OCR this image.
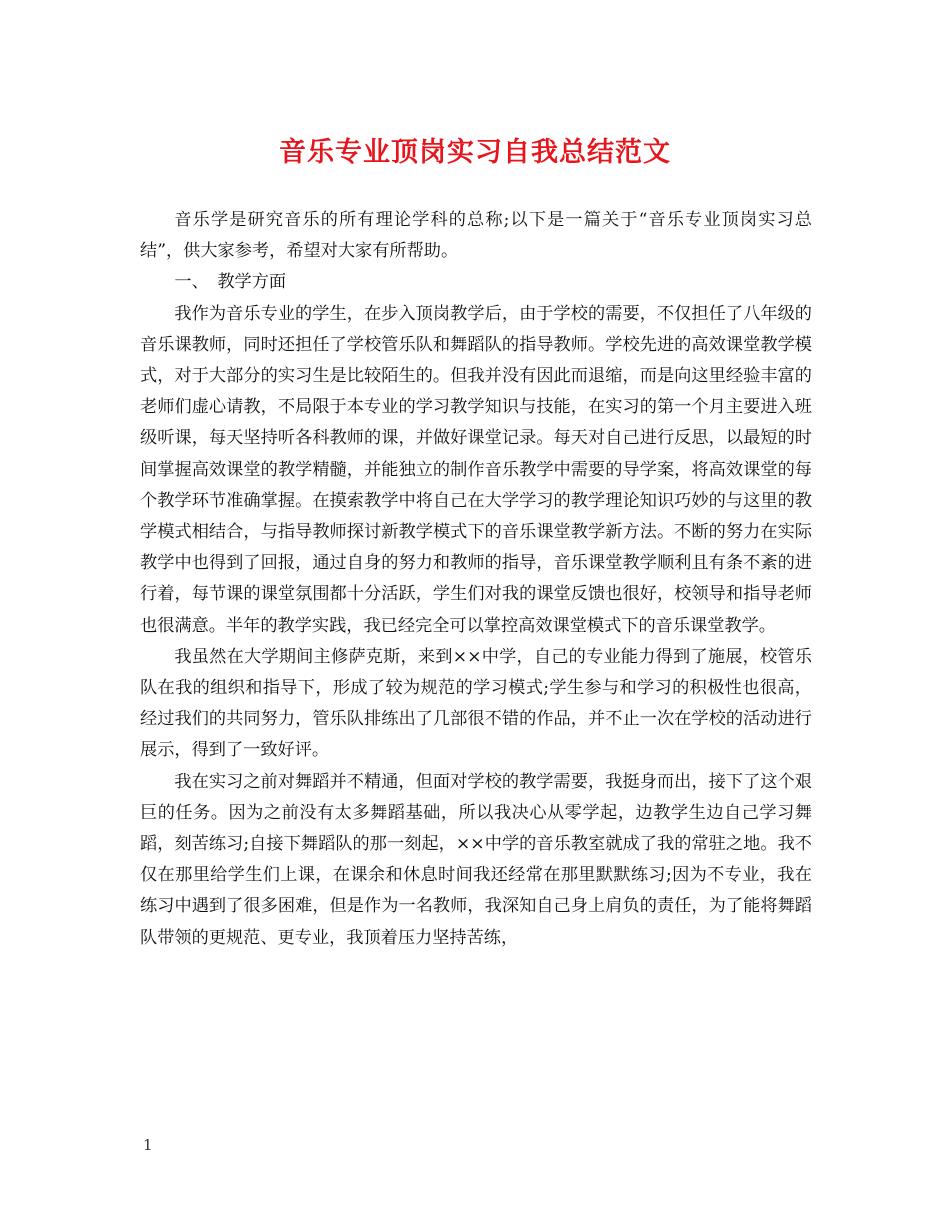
音乐专业顶岗实习自我总结范文

音乐学是研究音乐的所有理论学科的总称;以下是一篇关于“音乐专业顶岗实习总结”，供大家参考，希望对大家有所帮助。

一、　教学方面

我作为音乐专业的学生，在步入顶岗教学后，由于学校的需要，不仅担任了八年级的音乐课教师，同时还担任了学校管乐队和舞蹈队的指导教师。学校先进的高效课堂教学模式，对于大部分的实习生是比较陌生的。但我并没有因此而退缩，而是向这里经验丰富的老师们虚心请教，不局限于本专业的学习教学知识与技能，在实习的第一个月主要进入班级听课，每天坚持听各科教师的课，并做好课堂记录。每天对自己进行反思，以最短的时间掌握高效课堂的教学精髓，并能独立的制作音乐教学中需要的导学案，将高效课堂的每个教学环节准确掌握。在摸索教学中将自己在大学学习的教学理论知识巧妙的与这里的教学模式相结合，与指导教师探讨新教学模式下的音乐课堂教学新方法。不断的努力在实际教学中也得到了回报，通过自身的努力和教师的指导，音乐课堂教学顺利且有条不紊的进行着，每节课的课堂氛围都十分活跃，学生们对我的课堂反馈也很好，校领导和指导老师也很满意。半年的教学实践，我已经完全可以掌控高效课堂模式下的音乐课堂教学。

我虽然在大学期间主修萨克斯，来到××中学，自己的专业能力得到了施展，校管乐队在我的组织和指导下，形成了较为规范的学习模式;学生参与和学习的积极性也很高，经过我们的共同努力，管乐队排练出了几部很不错的作品，并不止一次在学校的活动进行展示，得到了一致好评。

我在实习之前对舞蹈并不精通，但面对学校的教学需要，我挺身而出，接下了这个艰巨的任务。因为之前没有太多舞蹈基础，所以我决心从零学起，边教学生边自己学习舞蹈，刻苦练习;自接下舞蹈队的那一刻起，××中学的音乐教室就成了我的常驻之地。我不仅在那里给学生们上课，在课余和休息时间我还经常在那里默默练习;因为不专业，我在练习中遇到了很多困难，但是作为一名教师，我深知自己身上肩负的责任，为了能将舞蹈队带领的更规范、更专业，我顶着压力坚持苦练，

1
